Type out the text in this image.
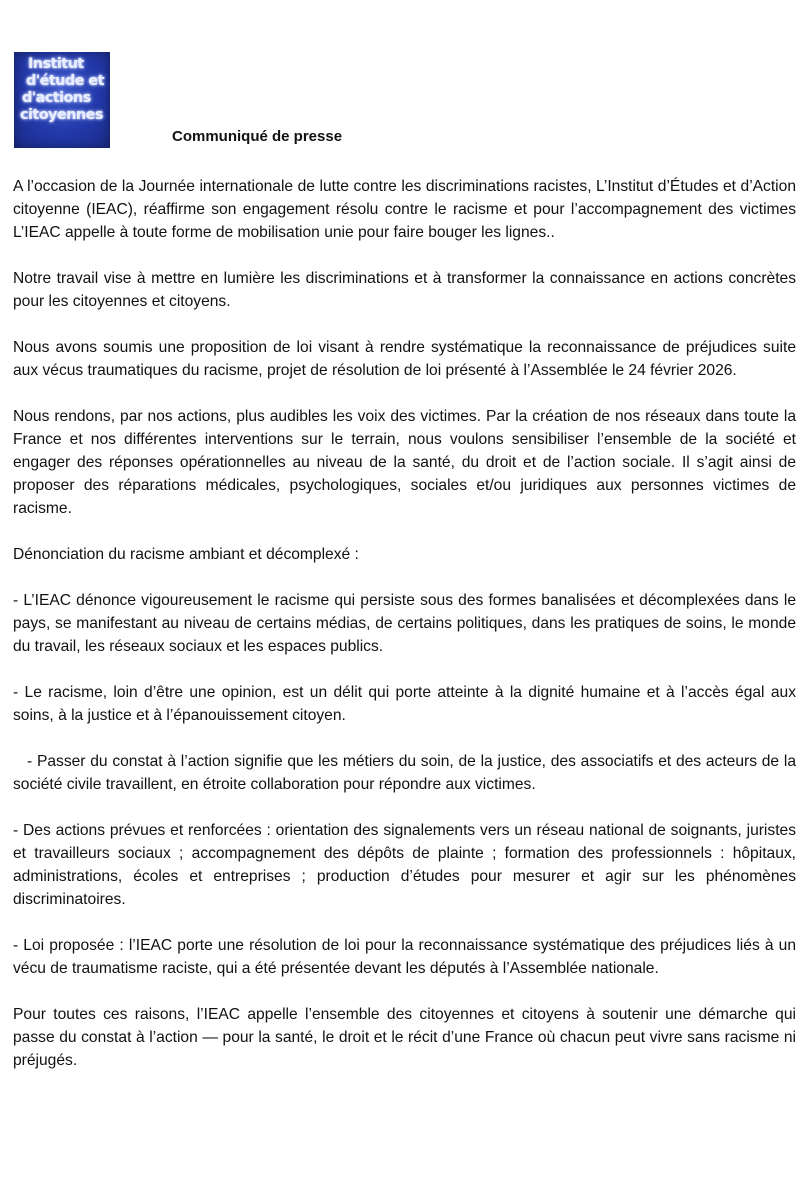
Institut
d'étude et
d'actions
citoyennes
Communiqué de presse

A l’occasion de la Journée internationale de lutte contre les discriminations racistes, L’Institut d’Études et d’Action citoyenne (IEAC), réaffirme son engagement résolu contre le racisme et pour l’accompagnement des victimes L’IEAC appelle à toute forme de mobilisation unie pour faire bouger les lignes..

Notre travail vise à mettre en lumière les discriminations et à transformer la connaissance en actions concrètes pour les citoyennes et citoyens.

Nous avons soumis une proposition de loi visant à rendre systématique la reconnaissance de préjudices suite aux vécus traumatiques du racisme, projet de résolution de loi présenté à l’Assemblée le 24 février 2026.

Nous rendons, par nos actions, plus audibles les voix des victimes. Par la création de nos réseaux dans toute la France et nos différentes interventions sur le terrain, nous voulons sensibiliser l’ensemble de la société et engager des réponses opérationnelles au niveau de la santé, du droit et de l’action sociale. Il s’agit ainsi de proposer des réparations médicales, psychologiques, sociales et/ou juridiques aux personnes victimes de racisme.

Dénonciation du racisme ambiant et décomplexé :

- L’IEAC dénonce vigoureusement le racisme qui persiste sous des formes banalisées et décomplexées dans le pays, se manifestant au niveau de certains médias, de certains politiques, dans les pratiques de soins, le monde du travail, les réseaux sociaux et les espaces publics.

- Le racisme, loin d’être une opinion, est un délit qui porte atteinte à la dignité humaine et à l’accès égal aux soins, à la justice et à l’épanouissement citoyen.

- Passer du constat à l’action signifie que les métiers du soin, de la justice, des associatifs et des acteurs de la société civile travaillent, en étroite collaboration pour répondre aux victimes.

- Des actions prévues et renforcées : orientation des signalements vers un réseau national de soignants, juristes et travailleurs sociaux ; accompagnement des dépôts de plainte ; formation des professionnels : hôpitaux, administrations, écoles et entreprises ; production d’études pour mesurer et agir sur les phénomènes discriminatoires.

- Loi proposée : l’IEAC porte une résolution de loi pour la reconnaissance systématique des préjudices liés à un vécu de traumatisme raciste, qui a été présentée devant les députés à l’Assemblée nationale.

Pour toutes ces raisons, l’IEAC appelle l’ensemble des citoyennes et citoyens à soutenir une démarche qui passe du constat à l’action — pour la santé, le droit et le récit d’une France où chacun peut vivre sans racisme ni préjugés.
